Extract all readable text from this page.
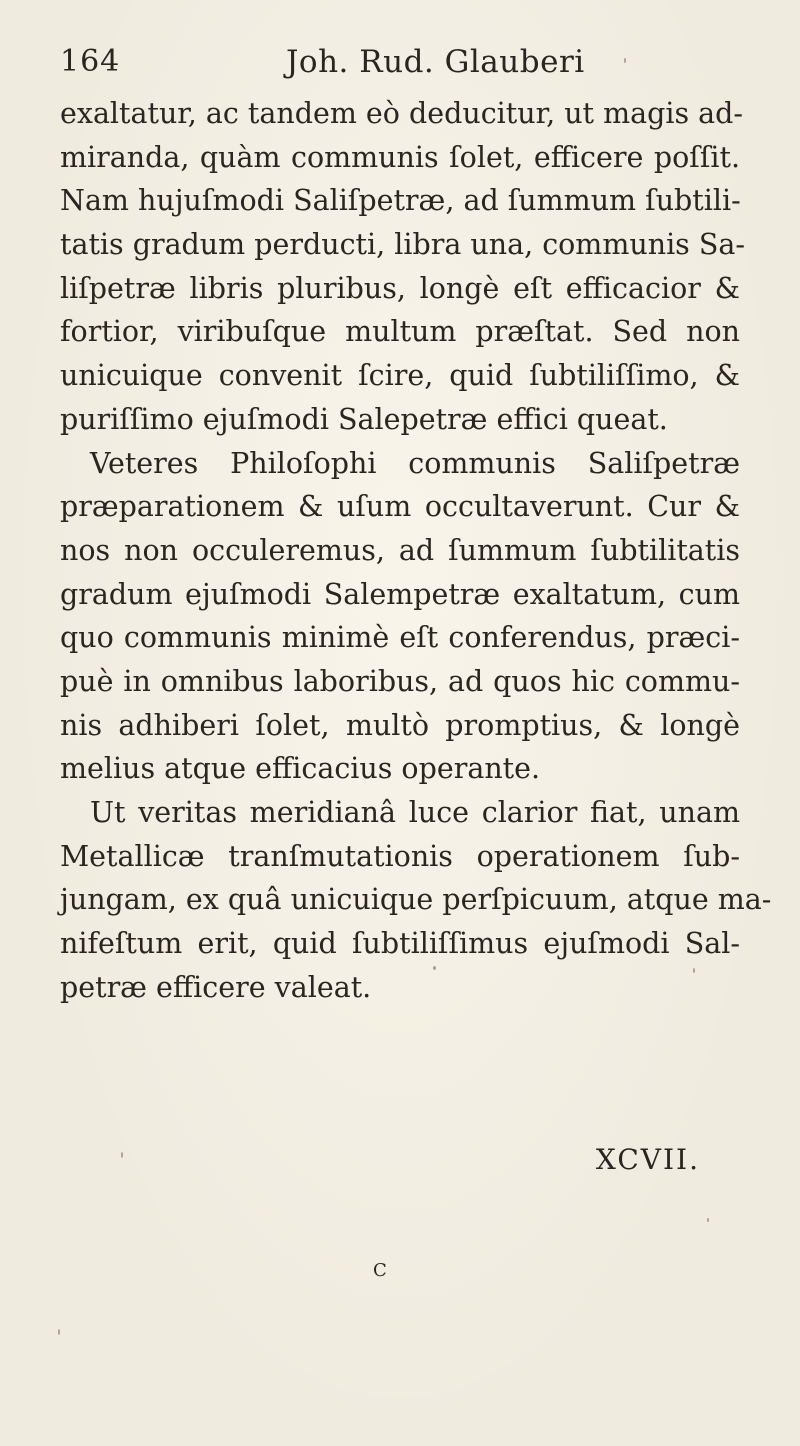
164	Joh. Rud. Glauberi
exaltatur, ac tandem eò deducitur, ut magis ad-
miranda, quàm communis ſolet, efficere poſſit.
Nam hujuſmodi Saliſpetræ, ad ſummum ſubtili-
tatis gradum perducti, libra una, communis Sa-
liſpetræ libris pluribus, longè eſt efficacior &
fortior, viribuſque multum præſtat. Sed non
unicuique convenit ſcire, quid ſubtiliſſimo, &
puriſſimo ejuſmodi Salepetræ effici queat.
Veteres Philoſophi communis Saliſpetræ
præparationem & uſum occultaverunt. Cur &
nos non occuleremus, ad ſummum ſubtilitatis
gradum ejuſmodi Salempetræ exaltatum, cum
quo communis minimè eſt conferendus, præci-
puè in omnibus laboribus, ad quos hic commu-
nis adhiberi ſolet, multò promptius, & longè
melius atque efficacius operante.
Ut veritas meridianâ luce clarior fiat, unam
Metallicæ tranſmutationis operationem ſub-
jungam, ex quâ unicuique perſpicuum, atque ma-
nifeſtum erit, quid ſubtiliſſimus ejuſmodi Sal-
petræ efficere valeat.
XCVII.
C
